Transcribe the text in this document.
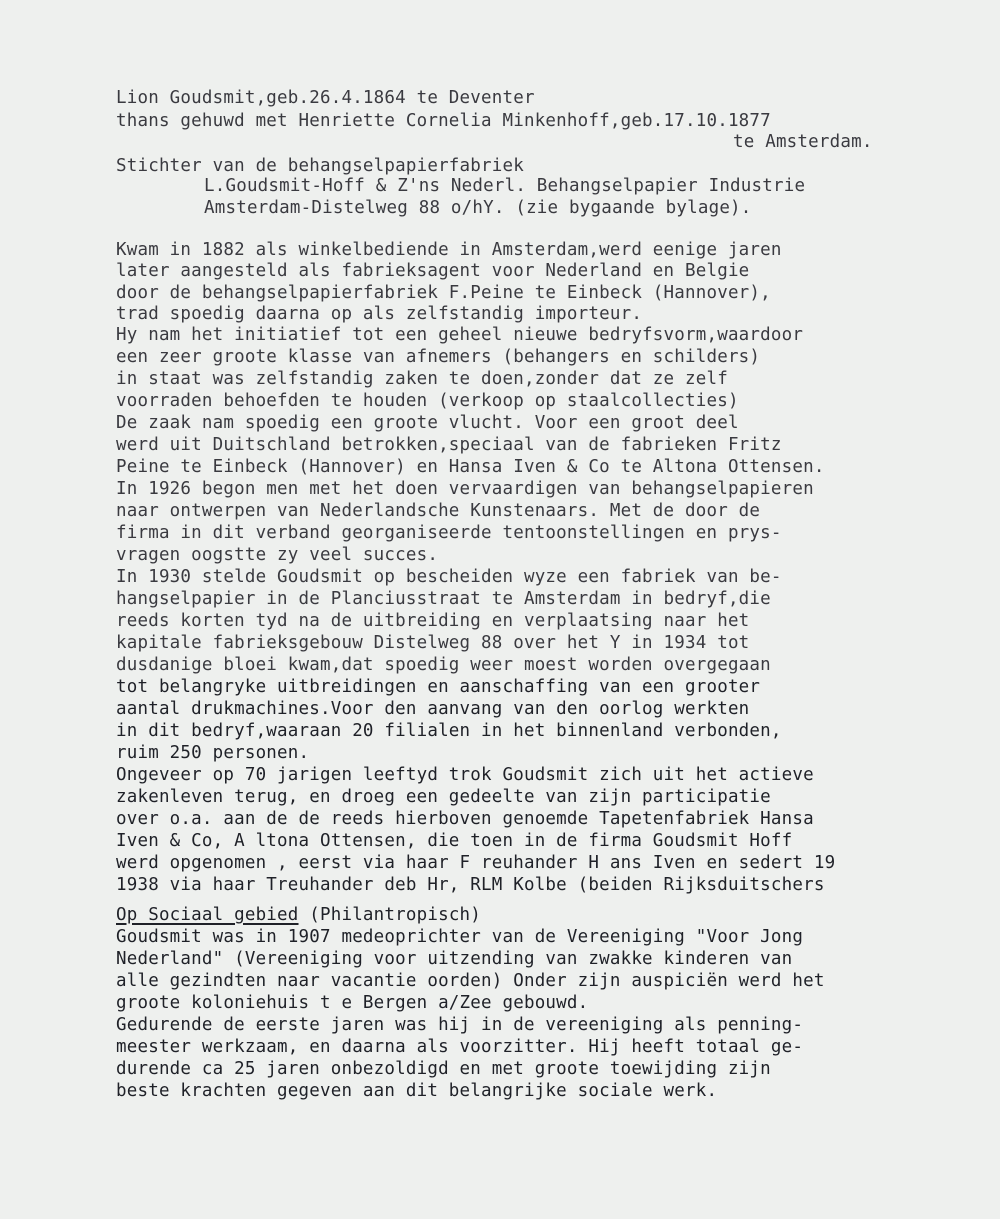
Lion Goudsmit,geb.26.4.1864 te Deventer
thans gehuwd met Henriette Cornelia Minkenhoff,geb.17.10.1877
te Amsterdam.
Stichter van de behangselpapierfabriek
L.Goudsmit-Hoff & Z'ns Nederl. Behangselpapier Industrie
Amsterdam-Distelweg 88 o/hY. (zie bygaande bylage).
Kwam in 1882 als winkelbediende in Amsterdam,werd eenige jaren
later aangesteld als fabrieksagent voor Nederland en Belgie
door de behangselpapierfabriek F.Peine te Einbeck (Hannover),
trad spoedig daarna op als zelfstandig importeur.
Hy nam het initiatief tot een geheel nieuwe bedryfsvorm,waardoor
een zeer groote klasse van afnemers (behangers en schilders)
in staat was zelfstandig zaken te doen,zonder dat ze zelf
voorraden behoefden te houden (verkoop op staalcollecties)
De zaak nam spoedig een groote vlucht. Voor een groot deel
werd uit Duitschland betrokken,speciaal van de fabrieken Fritz
Peine te Einbeck (Hannover) en Hansa Iven & Co te Altona Ottensen.
In 1926 begon men met het doen vervaardigen van behangselpapieren
naar ontwerpen van Nederlandsche Kunstenaars. Met de door de
firma in dit verband georganiseerde tentoonstellingen en prys-
vragen oogstte zy veel succes.
In 1930 stelde Goudsmit op bescheiden wyze een fabriek van be-
hangselpapier in de Planciusstraat te Amsterdam in bedryf,die
reeds korten tyd na de uitbreiding en verplaatsing naar het
kapitale fabrieksgebouw Distelweg 88 over het Y in 1934 tot
dusdanige bloei kwam,dat spoedig weer moest worden overgegaan
tot belangryke uitbreidingen en aanschaffing van een grooter
aantal drukmachines.Voor den aanvang van den oorlog werkten
in dit bedryf,waaraan 20 filialen in het binnenland verbonden,
ruim 250 personen.
Ongeveer op 70 jarigen leeftyd trok Goudsmit zich uit het actieve
zakenleven terug, en droeg een gedeelte van zijn participatie
over o.a. aan de de reeds hierboven genoemde Tapetenfabriek Hansa
Iven & Co, A ltona Ottensen, die toen in de firma Goudsmit Hoff
werd opgenomen , eerst via haar F reuhander H ans Iven en sedert 19
1938 via haar Treuhander deb Hr, RLM Kolbe (beiden Rijksduitschers
Op Sociaal gebied (Philantropisch)
Goudsmit was in 1907 medeoprichter van de Vereeniging "Voor Jong
Nederland" (Vereeniging voor uitzending van zwakke kinderen van
alle gezindten naar vacantie oorden) Onder zijn auspiciën werd het
groote koloniehuis t e Bergen a/Zee gebouwd.
Gedurende de eerste jaren was hij in de vereeniging als penning-
meester werkzaam, en daarna als voorzitter. Hij heeft totaal ge-
durende ca 25 jaren onbezoldigd en met groote toewijding zijn
beste krachten gegeven aan dit belangrijke sociale werk.
